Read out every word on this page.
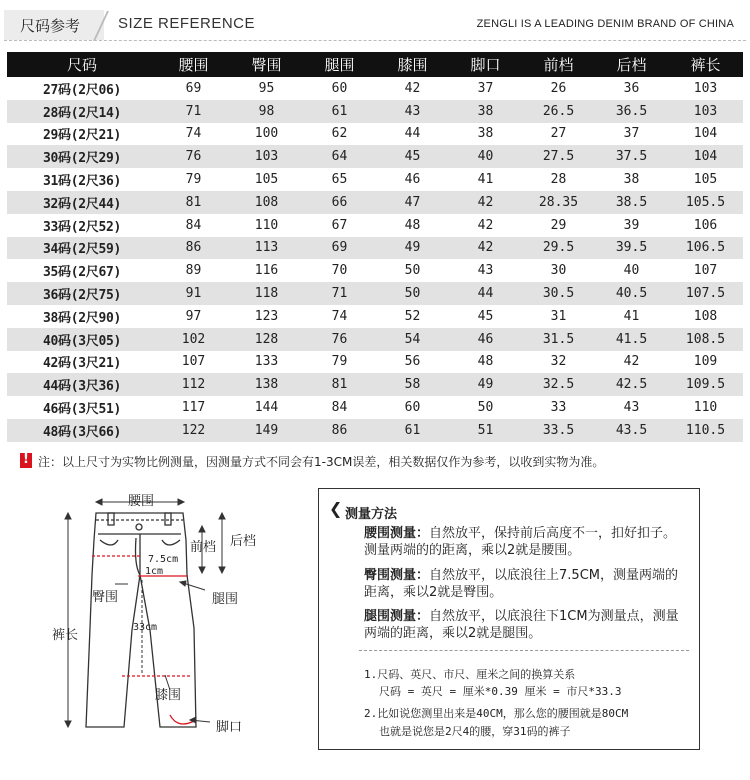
尺码参考	SIZE REFERENCE	ZENGLI IS A LEADING DENIM BRAND OF CHINA
尺码	腰围	臀围	腿围	膝围	脚口	前档	后档	裤长
27码(2尺06)	69	95	60	42	37	26	36	103
28码(2尺14)	71	98	61	43	38	26.5	36.5	103
29码(2尺21)	74	100	62	44	38	27	37	104
30码(2尺29)	76	103	64	45	40	27.5	37.5	104
31码(2尺36)	79	105	65	46	41	28	38	105
32码(2尺44)	81	108	66	47	42	28.35	38.5	105.5
33码(2尺52)	84	110	67	48	42	29	39	106
34码(2尺59)	86	113	69	49	42	29.5	39.5	106.5
35码(2尺67)	89	116	70	50	43	30	40	107
36码(2尺75)	91	118	71	50	44	30.5	40.5	107.5
38码(2尺90)	97	123	74	52	45	31	41	108
40码(3尺05)	102	128	76	54	46	31.5	41.5	108.5
42码(3尺21)	107	133	79	56	48	32	42	109
44码(3尺36)	112	138	81	58	49	32.5	42.5	109.5
46码(3尺51)	117	144	84	60	50	33	43	110
48码(3尺66)	122	149	86	61	51	33.5	43.5	110.5
!
注：以上尺寸为实物比例测量，因测量方式不同会有1-3CM误差，相关数据仅作为参考，以收到实物为准。
腰围
前档 后档
7.5cm
1cm
臀围	腿围
33cm
裤长
膝围
脚口
❮ 测量方法
腰围测量：自然放平，保持前后高度不一，扣好扣子。测量两端的的距离，乘以2就是腰围。
臀围测量：自然放平，以底浪往上7.5CM，测量两端的距离，乘以2就是臀围。
腿围测量：自然放平，以底浪往下1CM为测量点，测量两端的距离，乘以2就是腿围。
1.尺码、英尺、市尺、厘米之间的换算关系
尺码 = 英尺 = 厘米*0.39 厘米 = 市尺*33.3
2.比如说您测里出来是40CM，那么您的腰围就是80CM
也就是说您是2尺4的腰，穿31码的裤子
